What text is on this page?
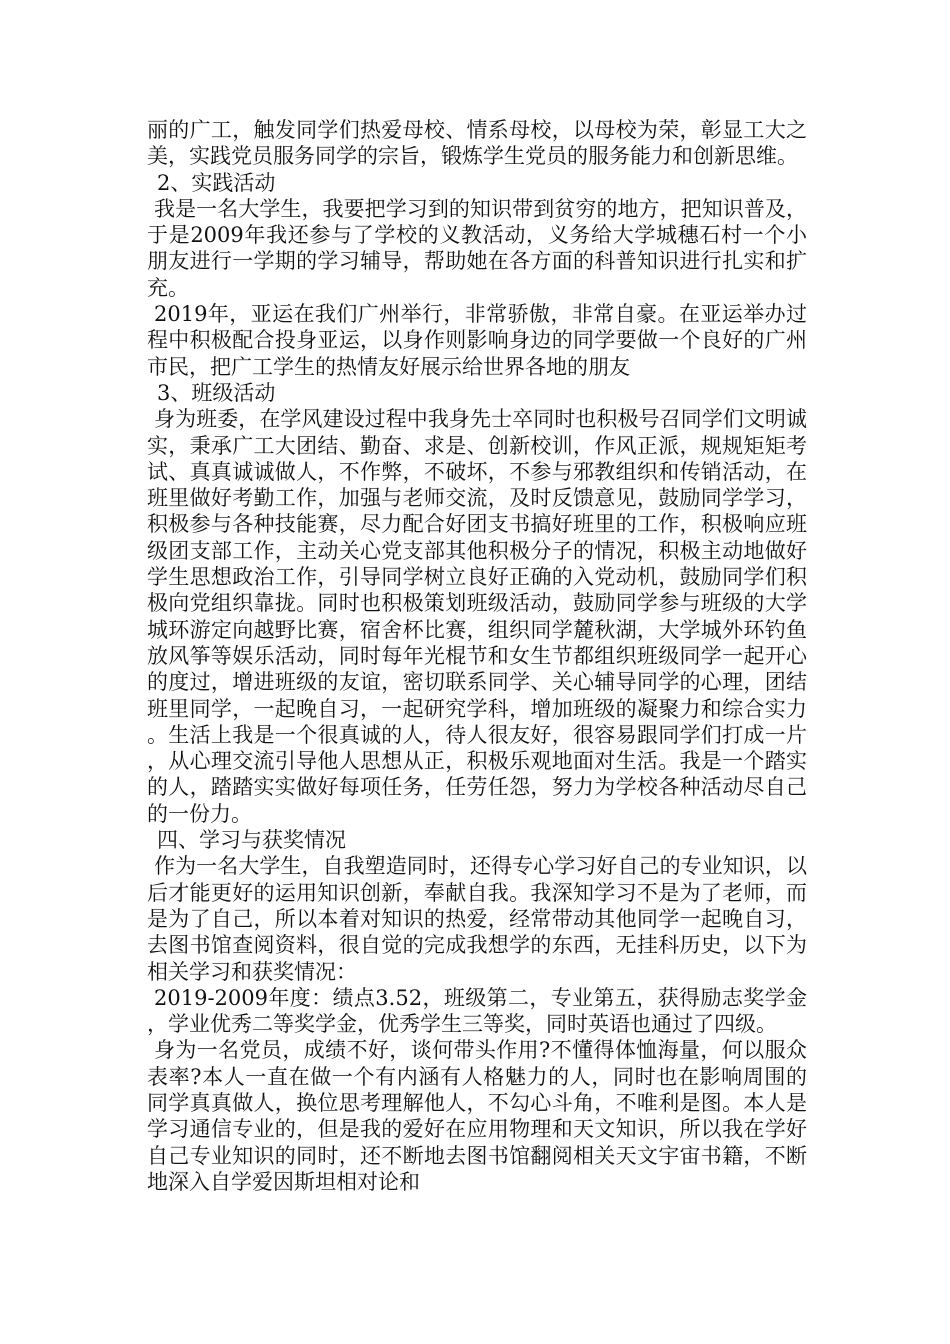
丽的广工，触发同学们热爱母校、情系母校，以母校为荣，彰显工大之美，实践党员服务同学的宗旨，锻炼学生党员的服务能力和创新思维。

2、实践活动

我是一名大学生，我要把学习到的知识带到贫穷的地方，把知识普及，于是2009年我还参与了学校的义教活动，义务给大学城穗石村一个小朋友进行一学期的学习辅导，帮助她在各方面的科普知识进行扎实和扩充。

2019年，亚运在我们广州举行，非常骄傲，非常自豪。在亚运举办过程中积极配合投身亚运，以身作则影响身边的同学要做一个良好的广州市民，把广工学生的热情友好展示给世界各地的朋友

3、班级活动

身为班委，在学风建设过程中我身先士卒同时也积极号召同学们文明诚实，秉承广工大团结、勤奋、求是、创新校训，作风正派，规规矩矩考试、真真诚诚做人，不作弊，不破坏，不参与邪教组织和传销活动，在班里做好考勤工作，加强与老师交流，及时反馈意见，鼓励同学学习，积极参与各种技能赛，尽力配合好团支书搞好班里的工作，积极响应班级团支部工作，主动关心党支部其他积极分子的情况，积极主动地做好学生思想政治工作，引导同学树立良好正确的入党动机，鼓励同学们积极向党组织靠拢。同时也积极策划班级活动，鼓励同学参与班级的大学城环游定向越野比赛，宿舍杯比赛，组织同学麓秋湖，大学城外环钓鱼放风筝等娱乐活动，同时每年光棍节和女生节都组织班级同学一起开心的度过，增进班级的友谊，密切联系同学、关心辅导同学的心理，团结班里同学，一起晚自习，一起研究学科，增加班级的凝聚力和综合实力。生活上我是一个很真诚的人，待人很友好，很容易跟同学们打成一片，从心理交流引导他人思想从正，积极乐观地面对生活。我是一个踏实的人，踏踏实实做好每项任务，任劳任怨，努力为学校各种活动尽自己的一份力。

四、学习与获奖情况

作为一名大学生，自我塑造同时，还得专心学习好自己的专业知识，以后才能更好的运用知识创新，奉献自我。我深知学习不是为了老师，而是为了自己，所以本着对知识的热爱，经常带动其他同学一起晚自习，去图书馆查阅资料，很自觉的完成我想学的东西，无挂科历史，以下为相关学习和获奖情况：

2019-2009年度：绩点3.52，班级第二，专业第五，获得励志奖学金，学业优秀二等奖学金，优秀学生三等奖，同时英语也通过了四级。

身为一名党员，成绩不好，谈何带头作用?不懂得体恤海量，何以服众表率?本人一直在做一个有内涵有人格魅力的人，同时也在影响周围的同学真真做人，换位思考理解他人，不勾心斗角，不唯利是图。本人是学习通信专业的，但是我的爱好在应用物理和天文知识，所以我在学好自己专业知识的同时，还不断地去图书馆翻阅相关天文宇宙书籍，不断地深入自学爱因斯坦相对论和
